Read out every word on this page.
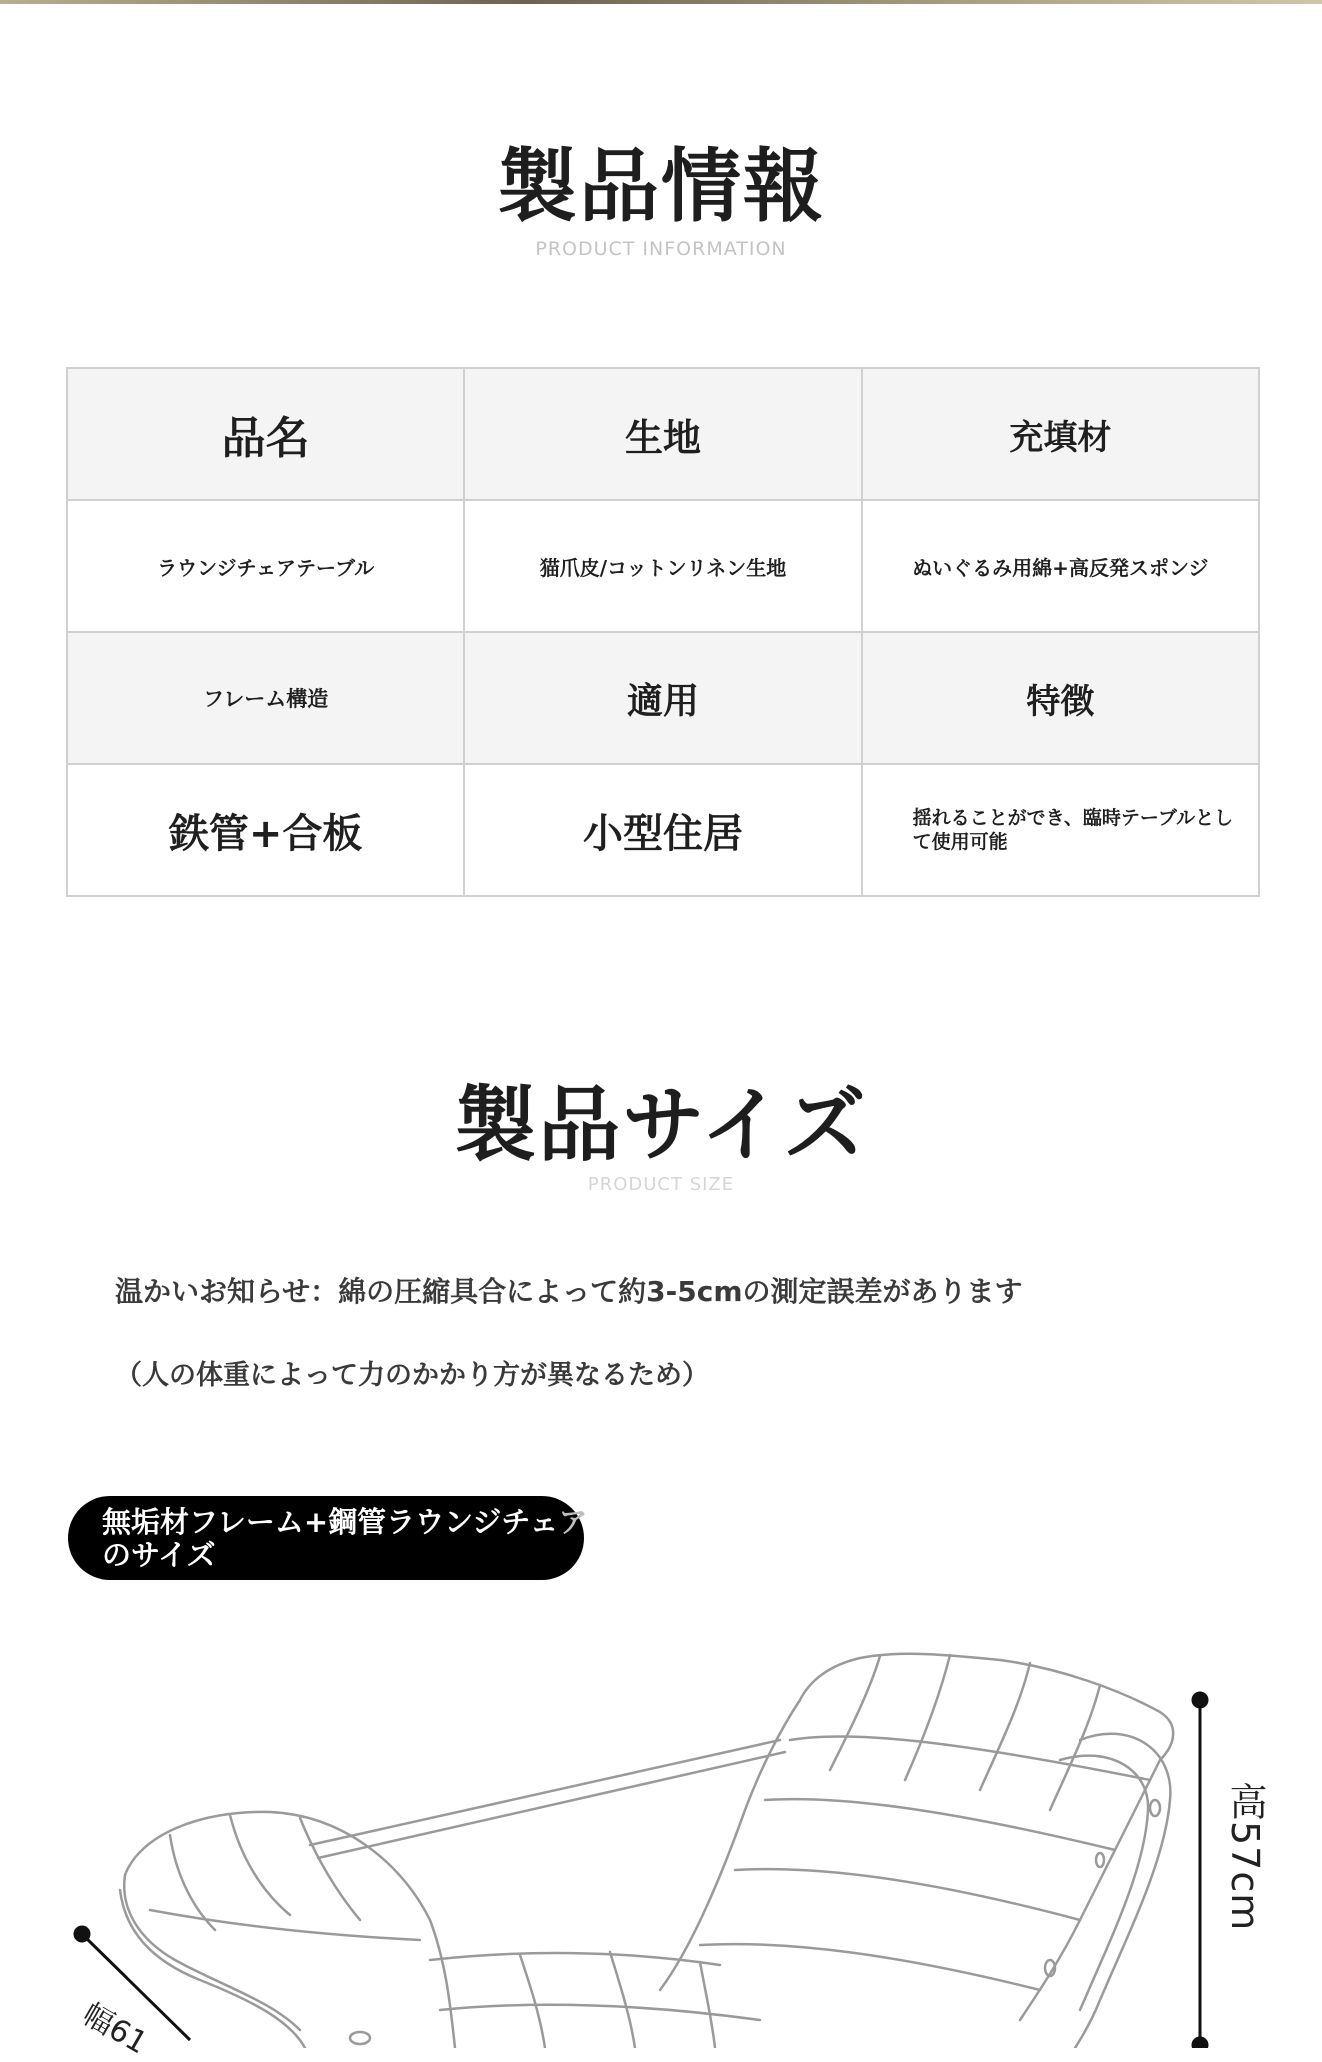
製品情報
PRODUCT INFORMATION
品名	生地	充填材
ラウンジチェアテーブル	猫爪皮/コットンリネン生地	ぬいぐるみ用綿+高反発スポンジ
フレーム構造	適用	特徴
鉄管+合板	小型住居	揺れることができ、臨時テーブルとして使用可能
製品サイズ
PRODUCT SIZE
温かいお知らせ：綿の圧縮具合によって約3-5cmの測定誤差があります
（人の体重によって力のかかり方が異なるため）
無垢材フレーム+鋼管ラウンジチェア
のサイズ
高57cm
幅61
